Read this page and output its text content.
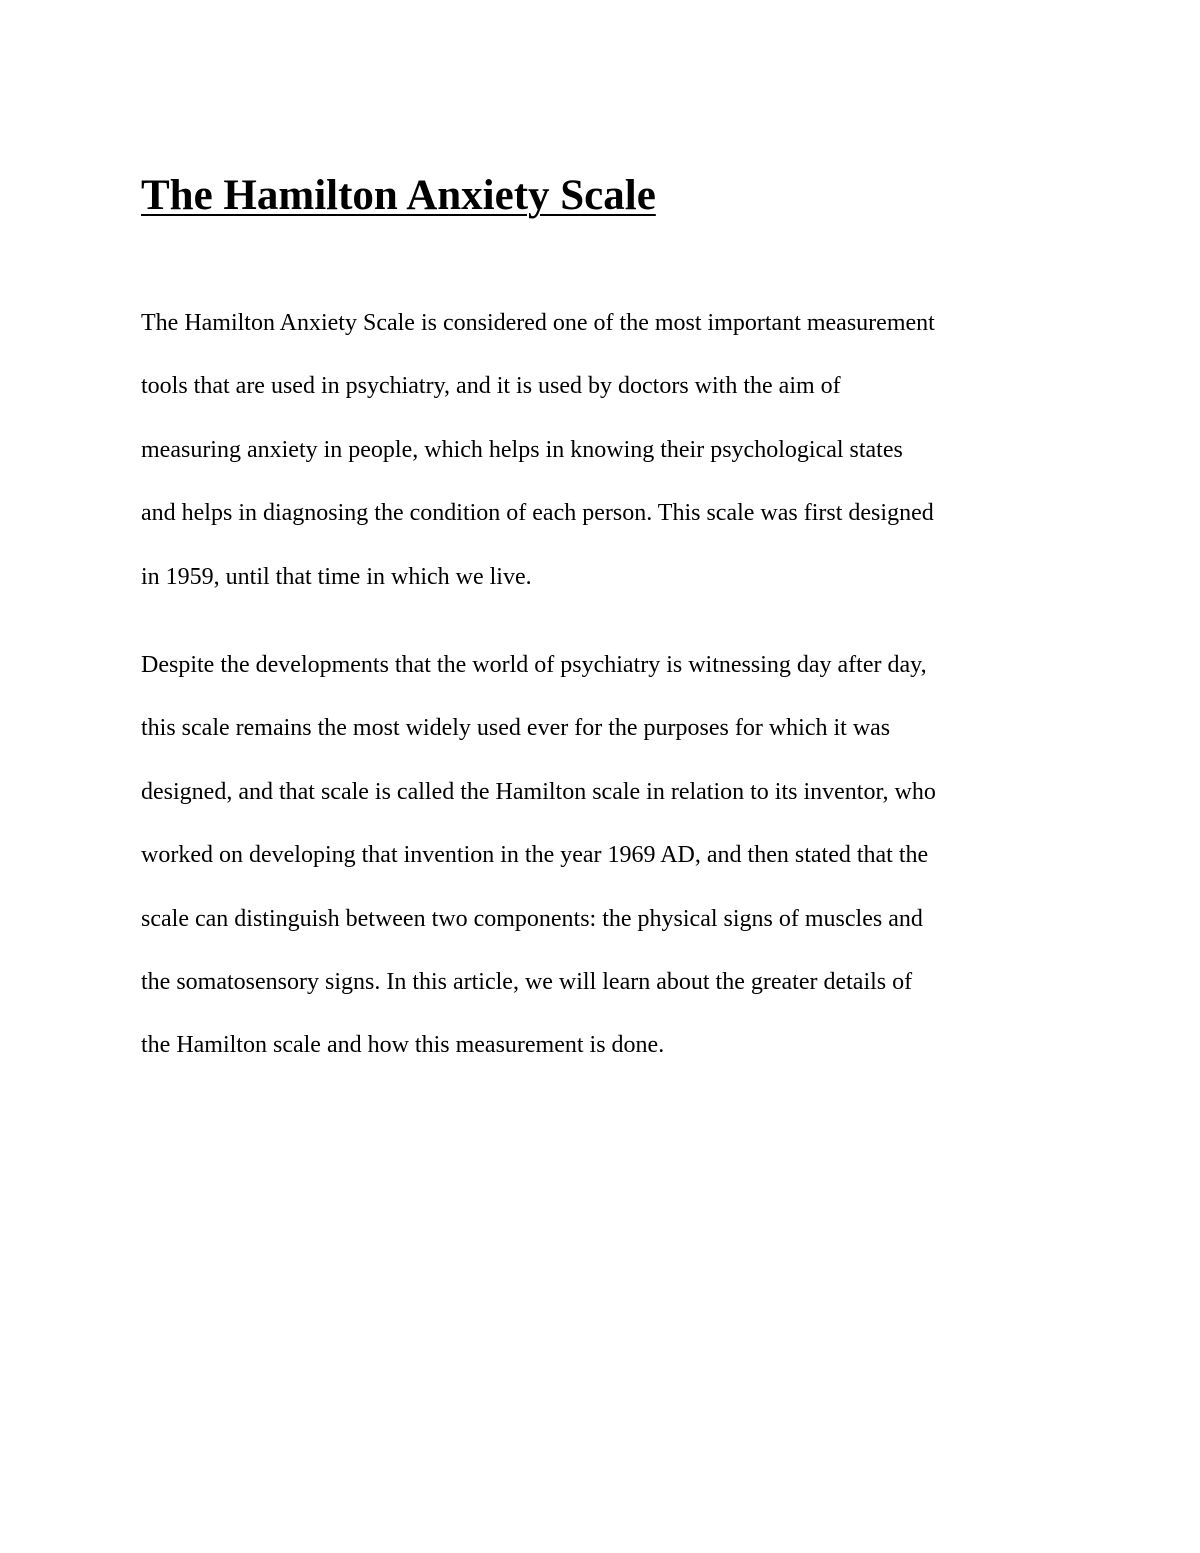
The Hamilton Anxiety Scale
The Hamilton Anxiety Scale is considered one of the most important measurement
tools that are used in psychiatry, and it is used by doctors with the aim of
measuring anxiety in people, which helps in knowing their psychological states
and helps in diagnosing the condition of each person. This scale was first designed
in 1959, until that time in which we live.
Despite the developments that the world of psychiatry is witnessing day after day,
this scale remains the most widely used ever for the purposes for which it was
designed, and that scale is called the Hamilton scale in relation to its inventor, who
worked on developing that invention in the year 1969 AD, and then stated that the
scale can distinguish between two components: the physical signs of muscles and
the somatosensory signs. In this article, we will learn about the greater details of
the Hamilton scale and how this measurement is done.
